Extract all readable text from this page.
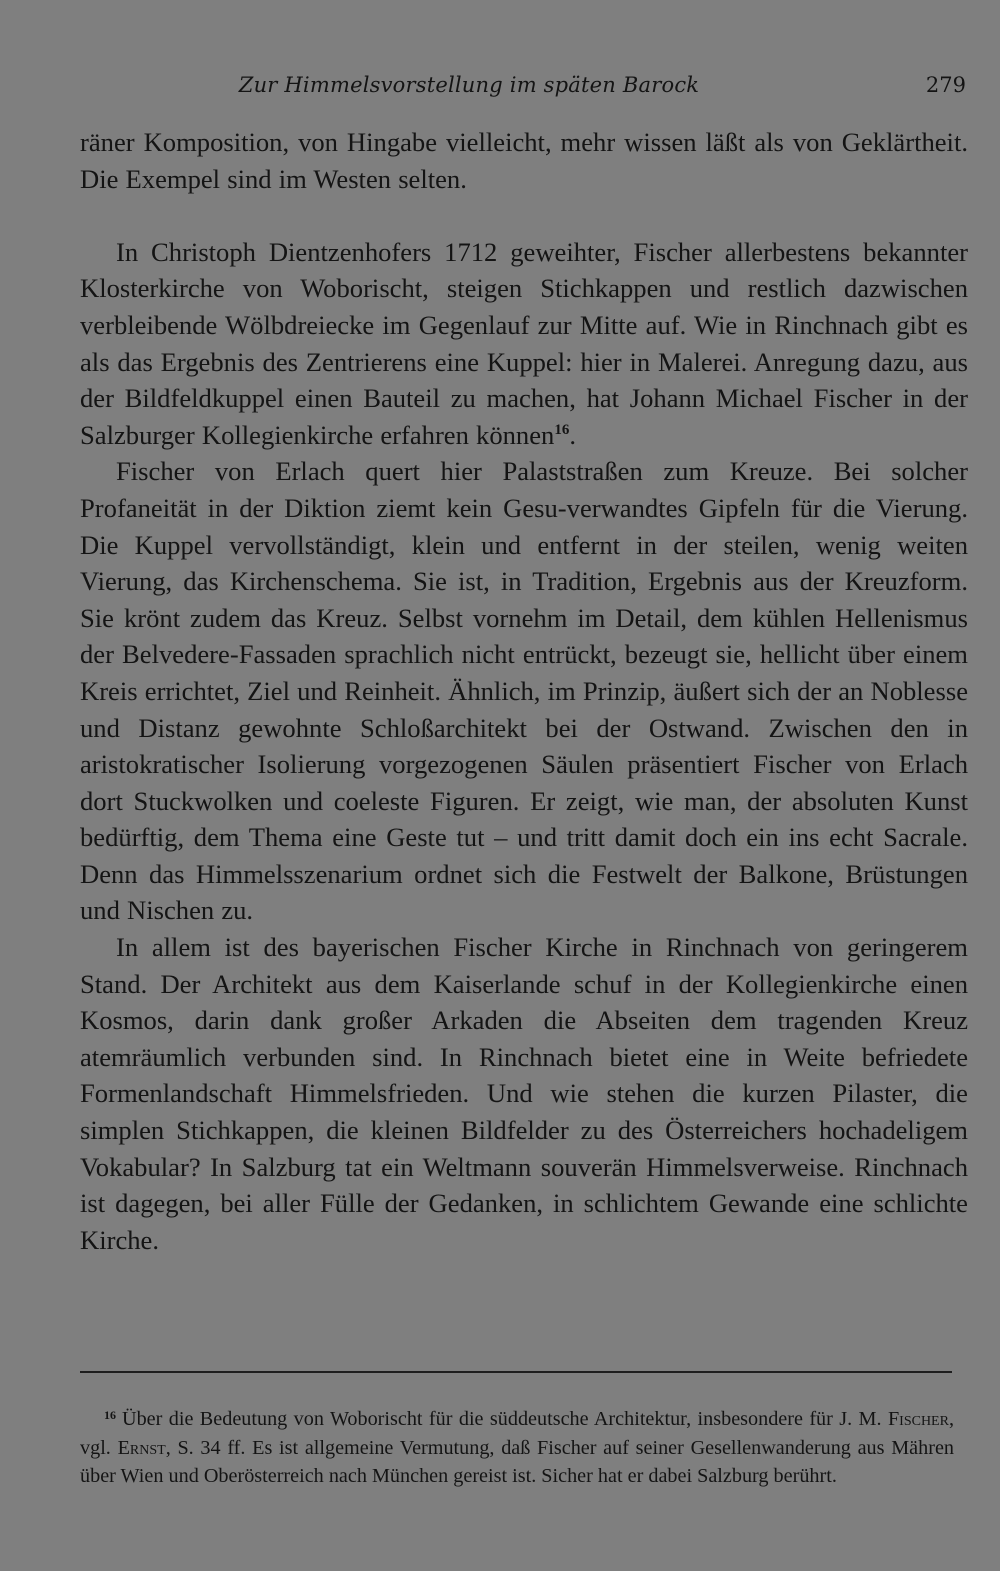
Zur Himmelsvorstellung im späten Barock	279

räner Komposition, von Hingabe vielleicht, mehr wissen läßt als von Geklärtheit. Die Exempel sind im Westen selten.

In Christoph Dientzenhofers 1712 geweihter, Fischer allerbestens bekannter Klosterkirche von Woborischt, steigen Stichkappen und restlich dazwischen verbleibende Wölbdreiecke im Gegenlauf zur Mitte auf. Wie in Rinchnach gibt es als das Ergebnis des Zentrierens eine Kuppel: hier in Malerei. Anregung dazu, aus der Bildfeldkuppel einen Bauteil zu machen, hat Johann Michael Fischer in der Salzburger Kollegienkirche erfahren können$^{16}$.

Fischer von Erlach quert hier Palaststraßen zum Kreuze. Bei solcher Profaneität in der Diktion ziemt kein Gesu-verwandtes Gipfeln für die Vierung. Die Kuppel vervollständigt, klein und entfernt in der steilen, wenig weiten Vierung, das Kirchenschema. Sie ist, in Tradition, Ergebnis aus der Kreuzform. Sie krönt zudem das Kreuz. Selbst vornehm im Detail, dem kühlen Hellenismus der Belvedere-Fassaden sprachlich nicht entrückt, bezeugt sie, hellicht über einem Kreis errichtet, Ziel und Reinheit. Ähnlich, im Prinzip, äußert sich der an Noblesse und Distanz gewohnte Schloßarchitekt bei der Ostwand. Zwischen den in aristokratischer Isolierung vorgezogenen Säulen präsentiert Fischer von Erlach dort Stuckwolken und coeleste Figuren. Er zeigt, wie man, der absoluten Kunst bedürftig, dem Thema eine Geste tut – und tritt damit doch ein ins echt Sacrale. Denn das Himmelsszenarium ordnet sich die Festwelt der Balkone, Brüstungen und Nischen zu.

In allem ist des bayerischen Fischer Kirche in Rinchnach von geringerem Stand. Der Architekt aus dem Kaiserlande schuf in der Kollegienkirche einen Kosmos, darin dank großer Arkaden die Abseiten dem tragenden Kreuz atemräumlich verbunden sind. In Rinchnach bietet eine in Weite befriedete Formenlandschaft Himmelsfrieden. Und wie stehen die kurzen Pilaster, die simplen Stichkappen, die kleinen Bildfelder zu des Österreichers hochadeligem Vokabular? In Salzburg tat ein Weltmann souverän Himmelsverweise. Rinchnach ist dagegen, bei aller Fülle der Gedanken, in schlichtem Gewande eine schlichte Kirche.

16 Über die Bedeutung von Woborischt für die süddeutsche Architektur, insbesondere für J. M. Fischer, vgl. Ernst, S. 34 ff. Es ist allgemeine Vermutung, daß Fischer auf seiner Gesellenwanderung aus Mähren über Wien und Oberösterreich nach München gereist ist. Sicher hat er dabei Salzburg berührt.
